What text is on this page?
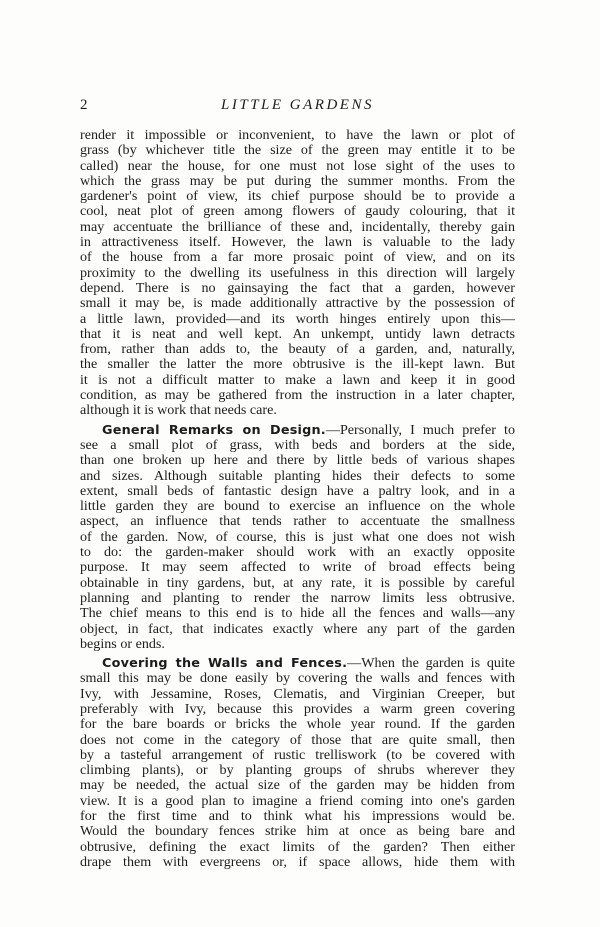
2	LITTLE GARDENS
render it impossible or inconvenient, to have the lawn or plot of
grass (by whichever title the size of the green may entitle it to be
called) near the house, for one must not lose sight of the uses to
which the grass may be put during the summer months. From the
gardener's point of view, its chief purpose should be to provide a
cool, neat plot of green among flowers of gaudy colouring, that it
may accentuate the brilliance of these and, incidentally, thereby gain
in attractiveness itself. However, the lawn is valuable to the lady
of the house from a far more prosaic point of view, and on its
proximity to the dwelling its usefulness in this direction will largely
depend. There is no gainsaying the fact that a garden, however
small it may be, is made additionally attractive by the possession of
a little lawn, provided—and its worth hinges entirely upon this—
that it is neat and well kept. An unkempt, untidy lawn detracts
from, rather than adds to, the beauty of a garden, and, naturally,
the smaller the latter the more obtrusive is the ill-kept lawn. But
it is not a difficult matter to make a lawn and keep it in good
condition, as may be gathered from the instruction in a later chapter,
although it is work that needs care.
General Remarks on Design.—Personally, I much prefer to
see a small plot of grass, with beds and borders at the side,
than one broken up here and there by little beds of various shapes
and sizes. Although suitable planting hides their defects to some
extent, small beds of fantastic design have a paltry look, and in a
little garden they are bound to exercise an influence on the whole
aspect, an influence that tends rather to accentuate the smallness
of the garden. Now, of course, this is just what one does not wish
to do: the garden-maker should work with an exactly opposite
purpose. It may seem affected to write of broad effects being
obtainable in tiny gardens, but, at any rate, it is possible by careful
planning and planting to render the narrow limits less obtrusive.
The chief means to this end is to hide all the fences and walls—any
object, in fact, that indicates exactly where any part of the garden
begins or ends.
Covering the Walls and Fences.—When the garden is quite
small this may be done easily by covering the walls and fences with
Ivy, with Jessamine, Roses, Clematis, and Virginian Creeper, but
preferably with Ivy, because this provides a warm green covering
for the bare boards or bricks the whole year round. If the garden
does not come in the category of those that are quite small, then
by a tasteful arrangement of rustic trelliswork (to be covered with
climbing plants), or by planting groups of shrubs wherever they
may be needed, the actual size of the garden may be hidden from
view. It is a good plan to imagine a friend coming into one's garden
for the first time and to think what his impressions would be.
Would the boundary fences strike him at once as being bare and
obtrusive, defining the exact limits of the garden? Then either
drape them with evergreens or, if space allows, hide them with
